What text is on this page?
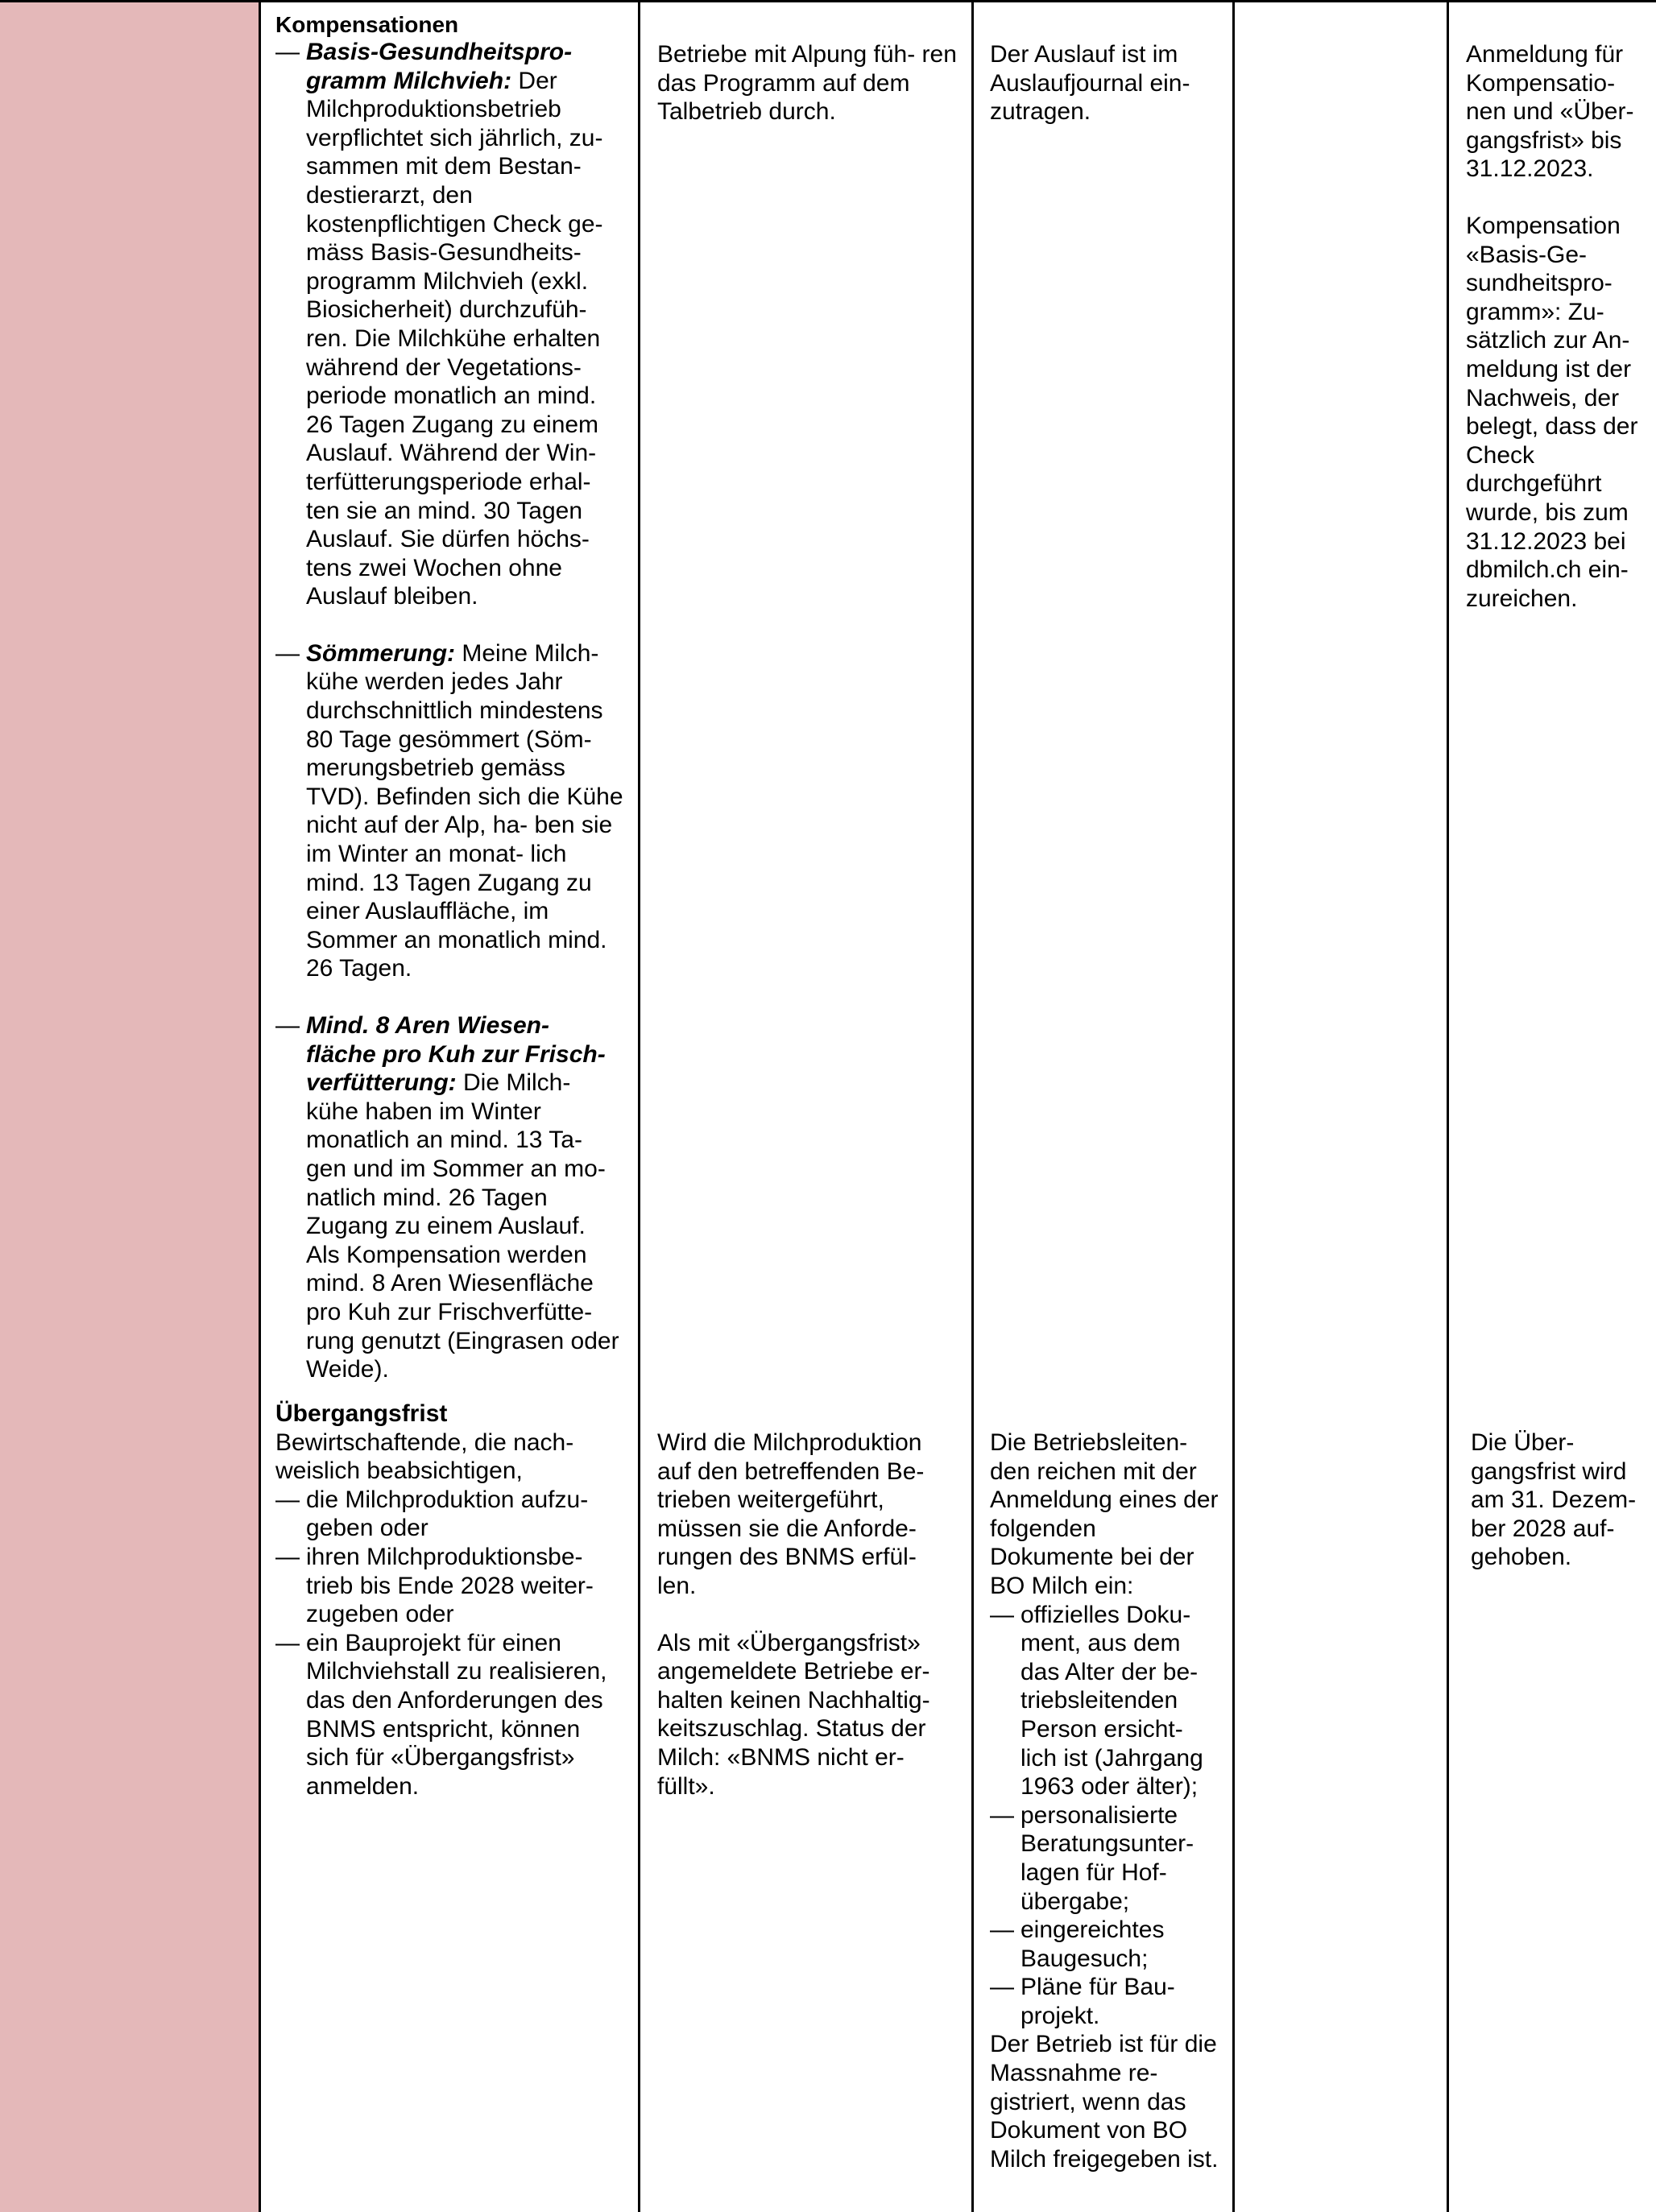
Kompensationen

— Basis-Gesundheitspro- gramm Milchvieh: Der Milchproduktionsbetrieb verpflichtet sich jährlich, zu- sammen mit dem Bestan- destierarzt, den kostenpflichtigen Check ge- mäss Basis-Gesundheits- programm Milchvieh (exkl. Biosicherheit) durchzufüh- ren. Die Milchkühe erhalten während der Vegetations- periode monatlich an mind. 26 Tagen Zugang zu einem Auslauf. Während der Win- terfütterungsperiode erhal- ten sie an mind. 30 Tagen Auslauf. Sie dürfen höchs- tens zwei Wochen ohne Auslauf bleiben.
— Sömmerung: Meine Milch- kühe werden jedes Jahr durchschnittlich mindestens 80 Tage gesömmert (Söm- merungsbetrieb gemäss TVD). Befinden sich die Kühe nicht auf der Alp, ha- ben sie im Winter an monat- lich mind. 13 Tagen Zugang zu einer Auslauffläche, im Sommer an monatlich mind. 26 Tagen.
— Mind. 8 Aren Wiesen- fläche pro Kuh zur Frisch- verfütterung: Die Milch- kühe haben im Winter monatlich an mind. 13 Ta- gen und im Sommer an mo- natlich mind. 26 Tagen Zugang zu einem Auslauf. Als Kompensation werden mind. 8 Aren Wiesenfläche pro Kuh zur Frischverfütte- rung genutzt (Eingrasen oder Weide).

Übergangsfrist

Bewirtschaftende, die nach- weislich beabsichtigen,

— die Milchproduktion aufzu- geben oder
— ihren Milchproduktionsbe- trieb bis Ende 2028 weiter- zugeben oder
— ein Bauprojekt für einen Milchviehstall zu realisieren, das den Anforderungen des BNMS entspricht, können sich für «Übergangsfrist» anmelden.

Betriebe mit Alpung füh- ren das Programm auf dem Talbetrieb durch.

Wird die Milchproduktion auf den betreffenden Be- trieben weitergeführt, müssen sie die Anforde- rungen des BNMS erfül- len.

Als mit «Übergangsfrist» angemeldete Betriebe er- halten keinen Nachhaltig- keitszuschlag. Status der Milch: «BNMS nicht er- füllt».

Der Auslauf ist im Auslaufjournal ein- zutragen.

Die Betriebsleiten- den reichen mit der Anmeldung eines der folgenden Dokumente bei der BO Milch ein:

— offizielles Doku- ment, aus dem das Alter der be- triebsleitenden Person ersicht- lich ist (Jahrgang 1963 oder älter);
— personalisierte Beratungsunter- lagen für Hof- übergabe;
— eingereichtes Baugesuch;
— Pläne für Bau- projekt.

Der Betrieb ist für die Massnahme re- gistriert, wenn das Dokument von BO Milch freigegeben ist.

Anmeldung für Kompensatio- nen und «Über- gangsfrist» bis 31.12.2023.

Kompensation «Basis-Ge- sundheitspro- gramm»: Zu- sätzlich zur An- meldung ist der Nachweis, der belegt, dass der Check durchgeführt wurde, bis zum 31.12.2023 bei dbmilch.ch ein- zureichen.

Die Über- gangsfrist wird am 31. Dezem- ber 2028 auf- gehoben.
